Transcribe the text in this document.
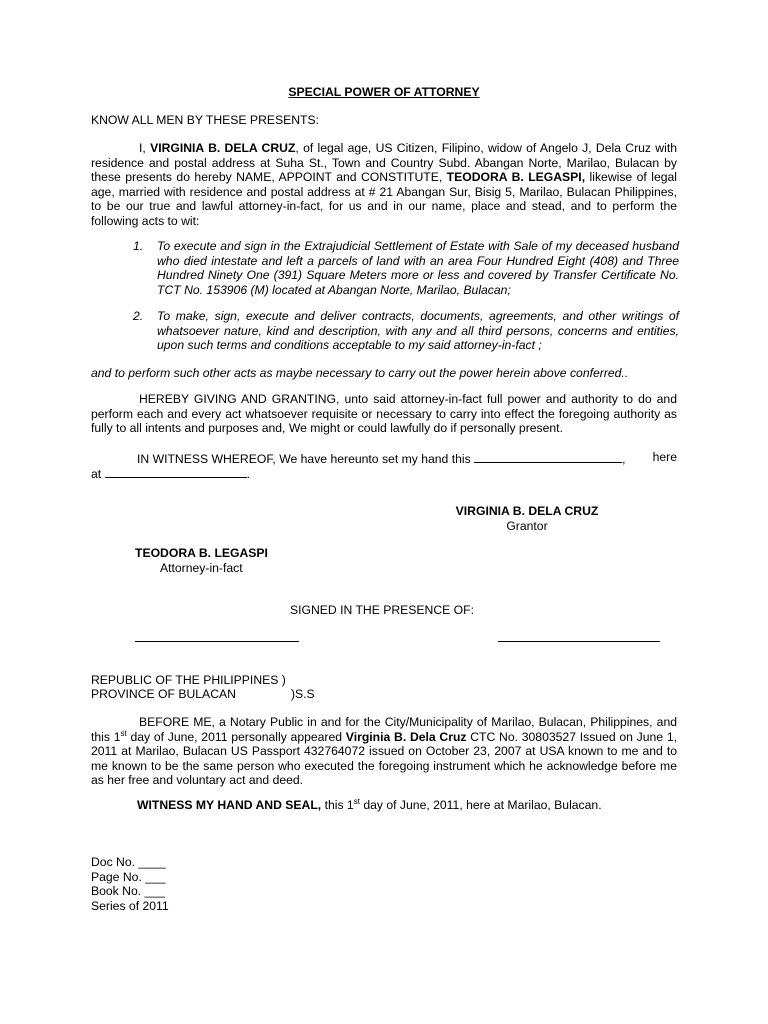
SPECIAL POWER OF ATTORNEY
KNOW ALL MEN BY THESE PRESENTS:
I, VIRGINIA B. DELA CRUZ, of legal age, US Citizen, Filipino, widow of Angelo J, Dela Cruz with residence and postal address at Suha St., Town and Country Subd. Abangan Norte, Marilao, Bulacan by these presents do hereby NAME, APPOINT and CONSTITUTE, TEODORA B. LEGASPI, likewise of legal age, married with residence and postal address at # 21 Abangan Sur, Bisig 5, Marilao, Bulacan Philippines, to be our true and lawful attorney-in-fact, for us and in our name, place and stead, and to perform the following acts to wit:
1.	To execute and sign in the Extrajudicial Settlement of Estate with Sale of my deceased husband who died intestate and left a parcels of land with an area Four Hundred Eight (408) and Three Hundred Ninety One (391) Square Meters more or less and covered by Transfer Certificate No. TCT No. 153906 (M) located at Abangan Norte, Marilao, Bulacan;
2.	To make, sign, execute and deliver contracts, documents, agreements, and other writings of whatsoever nature, kind and description, with any and all third persons, concerns and entities, upon such terms and conditions acceptable to my said attorney-in-fact ;
and to perform such other acts as maybe necessary to carry out the power herein above conferred..
HEREBY GIVING AND GRANTING, unto said attorney-in-fact full power and authority to do and perform each and every act whatsoever requisite or necessary to carry into effect the foregoing authority as fully to all intents and purposes and, We might or could lawfully do if personally present.
IN WITNESS WHEREOF, We have hereunto set my hand this	, here
at	.
VIRGINIA B. DELA CRUZ
Grantor
TEODORA B. LEGASPI
Attorney-in-fact
SIGNED IN THE PRESENCE OF:
REPUBLIC OF THE PHILIPPINES )
PROVINCE OF BULACAN	)S.S
BEFORE ME, a Notary Public in and for the City/Municipality of Marilao, Bulacan, Philippines, and this 1st day of June, 2011 personally appeared Virginia B. Dela Cruz CTC No. 30803527 Issued on June 1, 2011 at Marilao, Bulacan US Passport 432764072 issued on October 23, 2007 at USA known to me and to me known to be the same person who executed the foregoing instrument which he acknowledge before me as her free and voluntary act and deed.
WITNESS MY HAND AND SEAL, this 1st day of June, 2011, here at Marilao, Bulacan.
Doc No. ____
Page No. ___
Book No. ___
Series of 2011
